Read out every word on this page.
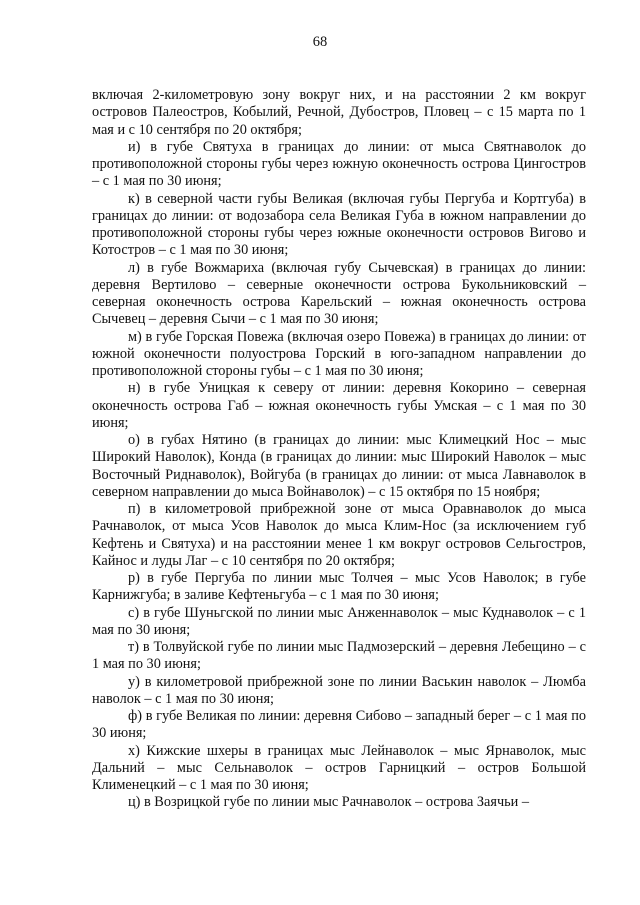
68

включая 2-километровую зону вокруг них, и на расстоянии 2 км вокруг островов Палеостров, Кобылий, Речной, Дубостров, Пловец – с 15 марта по 1 мая и с 10 сентября по 20 октября;

и) в губе Святуха в границах до линии: от мыса Святнаволок до противоположной стороны губы через южную оконечность острова Цингостров – с 1 мая по 30 июня;

к) в северной части губы Великая (включая губы Пергуба и Кортгуба) в границах до линии: от водозабора села Великая Губа в южном направлении до противоположной стороны губы через южные оконечности островов Вигово и Котостров – с 1 мая по 30 июня;

л) в губе Вожмариха (включая губу Сычевская) в границах до линии: деревня Вертилово – северные оконечности острова Букольниковский – северная оконечность острова Карельский – южная оконечность острова Сычевец – деревня Сычи – с 1 мая по 30 июня;

м) в губе Горская Повежа (включая озеро Повежа) в границах до линии: от южной оконечности полуострова Горский в юго-западном направлении до противоположной стороны губы – с 1 мая по 30 июня;

н) в губе Уницкая к северу от линии: деревня Кокорино – северная оконечность острова Габ – южная оконечность губы Умская – с 1 мая по 30 июня;

о) в губах Нятино (в границах до линии: мыс Климецкий Нос – мыс Широкий Наволок), Конда (в границах до линии: мыс Широкий Наволок – мыс Восточный Риднаволок), Войгуба (в границах до линии: от мыса Лавнаволок в северном направлении до мыса Войнаволок) – с 15 октября по 15 ноября;

п) в километровой прибрежной зоне от мыса Оравнаволок до мыса Рачнаволок, от мыса Усов Наволок до мыса Клим-Нос (за исключением губ Кефтень и Святуха) и на расстоянии менее 1 км вокруг островов Сельгостров, Кайнос и луды Лаг – с 10 сентября по 20 октября;

р) в губе Пергуба по линии мыс Толчея – мыс Усов Наволок; в губе Карнижгуба; в заливе Кефтеньгуба – с 1 мая по 30 июня;

с) в губе Шуньгской по линии мыс Анженнаволок – мыс Куднаволок – с 1 мая по 30 июня;

т) в Толвуйской губе по линии мыс Падмозерский – деревня Лебещино – с 1 мая по 30 июня;

у) в километровой прибрежной зоне по линии Васькин наволок – Люмба наволок – с 1 мая по 30 июня;

ф) в губе Великая по линии: деревня Сибово – западный берег – с 1 мая по 30 июня;

х) Кижские шхеры в границах мыс Лейнаволок – мыс Ярнаволок, мыс Дальний – мыс Сельнаволок – остров Гарницкий – остров Большой Клименецкий – с 1 мая по 30 июня;

ц) в Возрицкой губе по линии мыс Рачнаволок – острова Заячьи –
